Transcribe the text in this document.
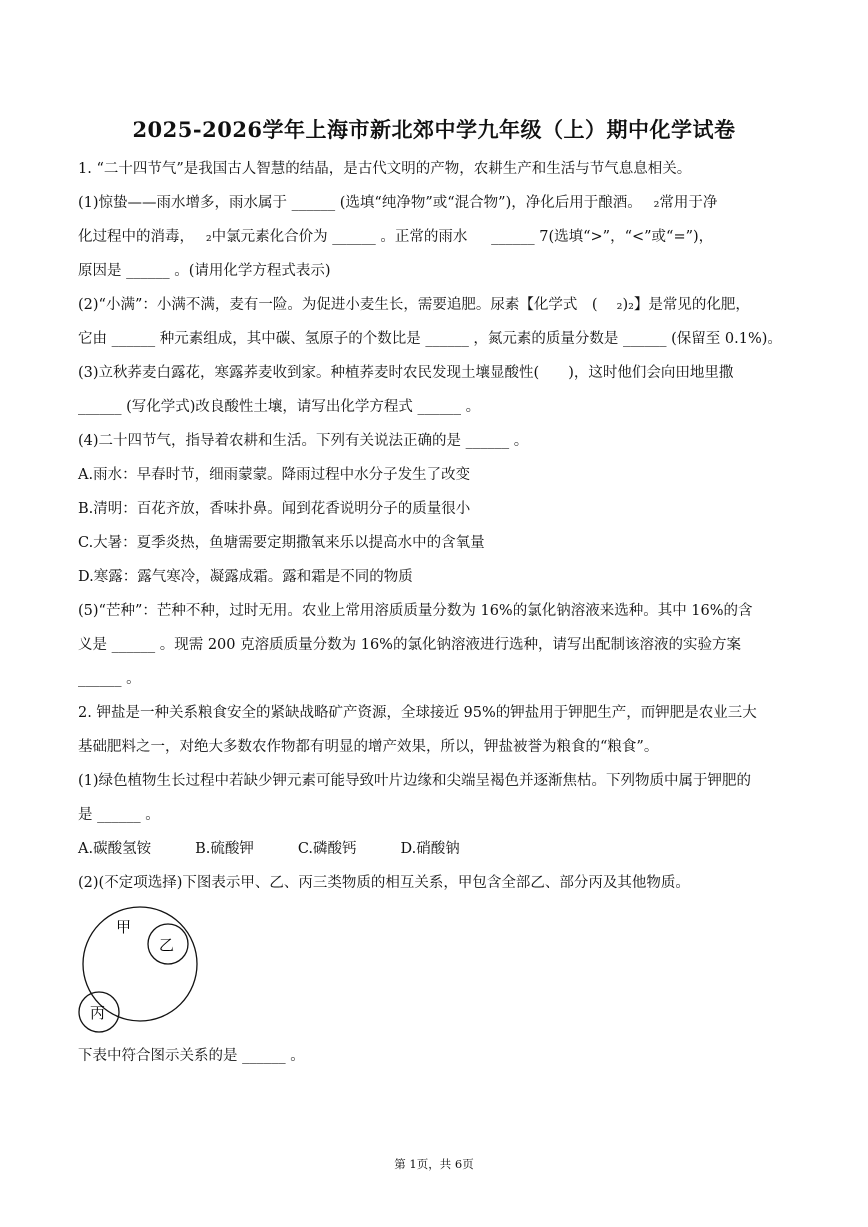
2025-2026学年上海市新北郊中学九年级（上）期中化学试卷
1. “二十四节气”是我国古人智慧的结晶，是古代文明的产物，农耕生产和生活与节气息息相关。
(1)惊蛰——雨水增多，雨水属于 ______ (选填“纯净物”或“混合物”)，净化后用于酿酒。　 ₂常用于净
化过程中的消毒，　 ₂中氯元素化合价为 ______ 。正常的雨水 　 ______ 7(选填“>”，“<”或“=”)，
原因是 ______ 。(请用化学方程式表示)
(2)“小满”：小满不满，麦有一险。为促进小麦生长，需要追肥。尿素【化学式　(　 ₂)₂】是常见的化肥，
它由 ______ 种元素组成，其中碳、氢原子的个数比是 ______ ，氮元素的质量分数是 ______ (保留至 0.1%)。
(3)立秋荞麦白露花，寒露荞麦收到家。种植荞麦时农民发现土壤显酸性(　　)，这时他们会向田地里撒
______ (写化学式)改良酸性土壤，请写出化学方程式 ______ 。
(4)二十四节气，指导着农耕和生活。下列有关说法正确的是 ______ 。
A.雨水：早春时节，细雨蒙蒙。降雨过程中水分子发生了改变
B.清明：百花齐放，香味扑鼻。闻到花香说明分子的质量很小
C.大暑：夏季炎热，鱼塘需要定期撒氧来乐以提高水中的含氧量
D.寒露：露气寒冷，凝露成霜。露和霜是不同的物质
(5)“芒种”：芒种不种，过时无用。农业上常用溶质质量分数为 16%的氯化钠溶液来选种。其中 16%的含
义是 ______ 。现需 200 克溶质质量分数为 16%的氯化钠溶液进行选种，请写出配制该溶液的实验方案
______ 。
2. 钾盐是一种关系粮食安全的紧缺战略矿产资源，全球接近 95%的钾盐用于钾肥生产，而钾肥是农业三大
基础肥料之一，对绝大多数农作物都有明显的增产效果，所以，钾盐被誉为粮食的“粮食”。
(1)绿色植物生长过程中若缺少钾元素可能导致叶片边缘和尖端呈褐色并逐渐焦枯。下列物质中属于钾肥的
是 ______ 。
A.碳酸氢铵	B.硫酸钾	C.磷酸钙	D.硝酸钠
(2)(不定项选择)下图表示甲、乙、丙三类物质的相互关系，甲包含全部乙、部分丙及其他物质。
甲
乙
丙
下表中符合图示关系的是 ______ 。
第 1页，共 6页
